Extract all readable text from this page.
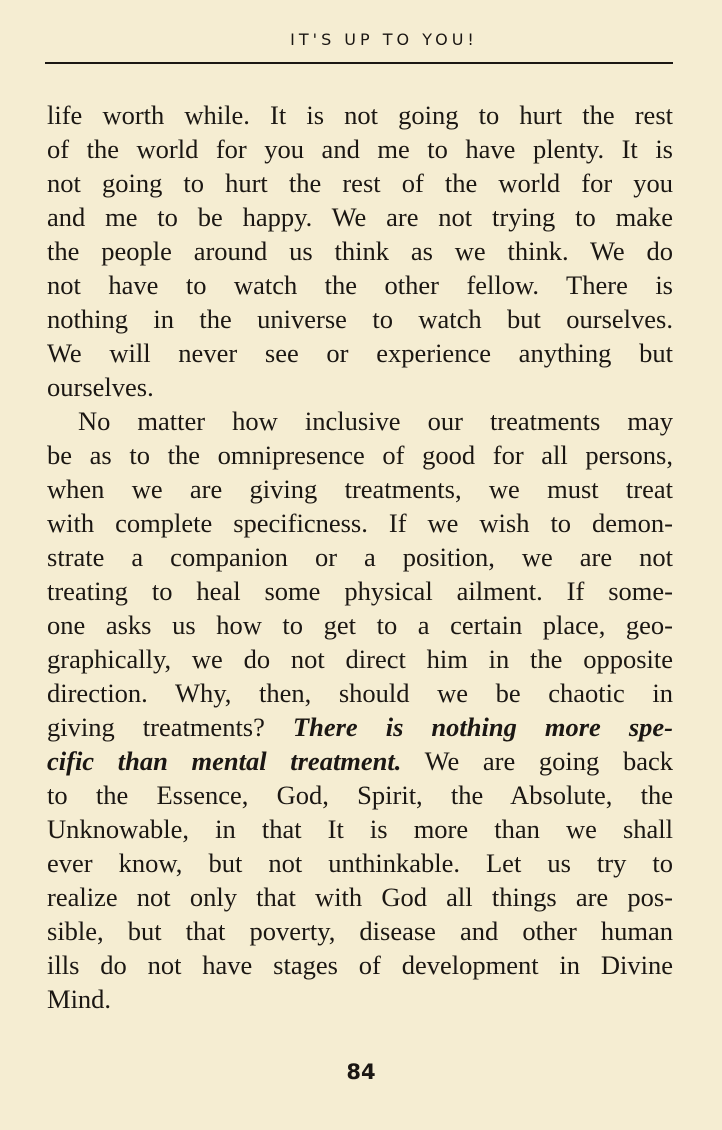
IT'S UP TO YOU!
life worth while. It is not going to hurt the rest
of the world for you and me to have plenty. It is
not going to hurt the rest of the world for you
and me to be happy. We are not trying to make
the people around us think as we think. We do
not have to watch the other fellow. There is
nothing in the universe to watch but ourselves.
We will never see or experience anything but
ourselves.
No matter how inclusive our treatments may
be as to the omnipresence of good for all persons,
when we are giving treatments, we must treat
with complete specificness. If we wish to demon-
strate a companion or a position, we are not
treating to heal some physical ailment. If some-
one asks us how to get to a certain place, geo-
graphically, we do not direct him in the opposite
direction. Why, then, should we be chaotic in
giving treatments? There is nothing more spe-
cific than mental treatment. We are going back
to the Essence, God, Spirit, the Absolute, the
Unknowable, in that It is more than we shall
ever know, but not unthinkable. Let us try to
realize not only that with God all things are pos-
sible, but that poverty, disease and other human
ills do not have stages of development in Divine
Mind.
84
